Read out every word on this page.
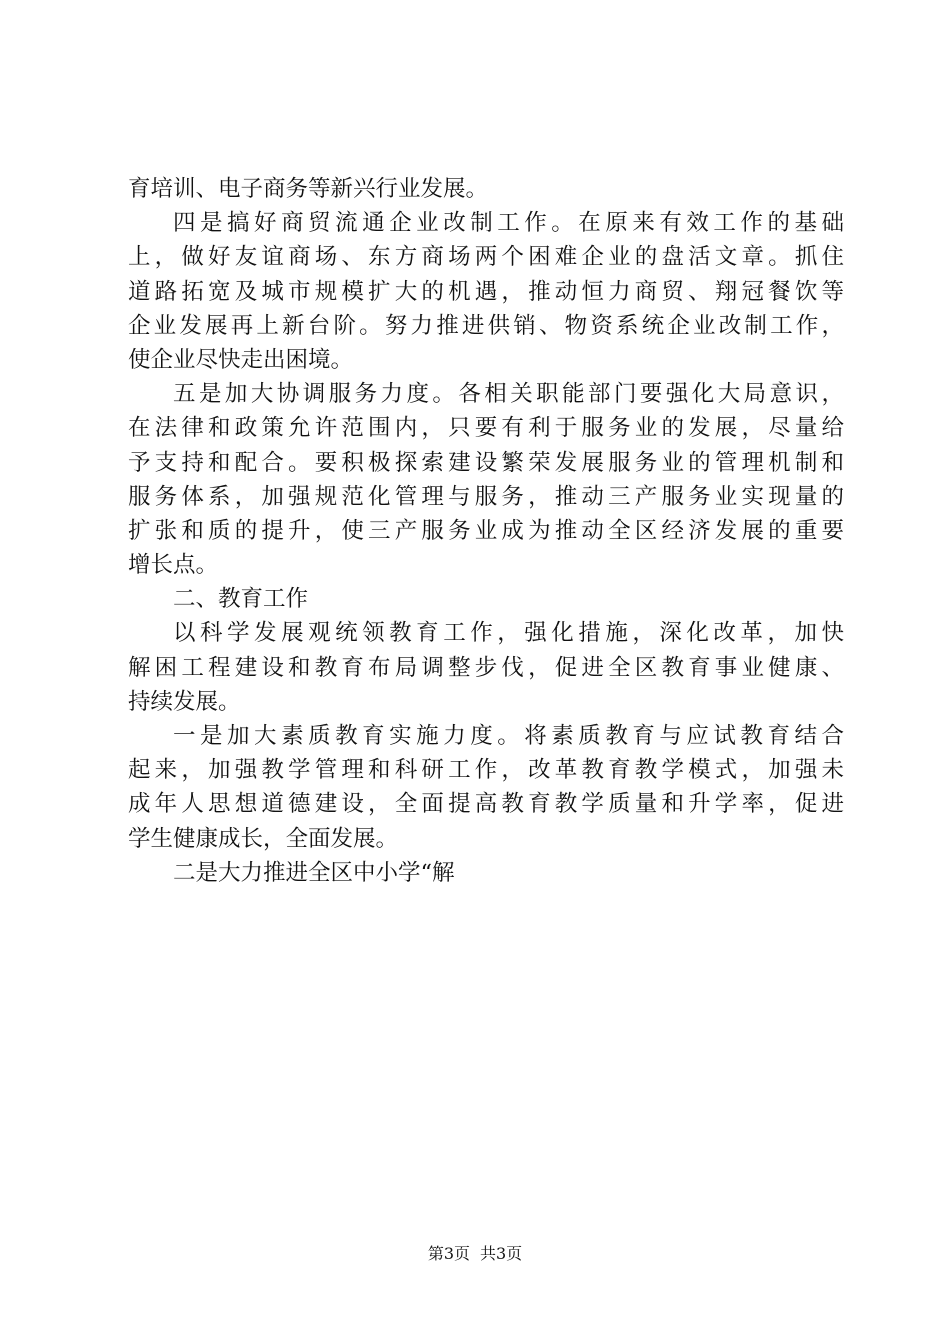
育培训、电子商务等新兴行业发展。
四是搞好商贸流通企业改制工作。在原来有效工作的基础
上，做好友谊商场、东方商场两个困难企业的盘活文章。抓住
道路拓宽及城市规模扩大的机遇，推动恒力商贸、翔冠餐饮等
企业发展再上新台阶。努力推进供销、物资系统企业改制工作，
使企业尽快走出困境。
五是加大协调服务力度。各相关职能部门要强化大局意识，
在法律和政策允许范围内，只要有利于服务业的发展，尽量给
予支持和配合。要积极探索建设繁荣发展服务业的管理机制和
服务体系，加强规范化管理与服务，推动三产服务业实现量的
扩张和质的提升，使三产服务业成为推动全区经济发展的重要
增长点。
二、教育工作
以科学发展观统领教育工作，强化措施，深化改革，加快
解困工程建设和教育布局调整步伐，促进全区教育事业健康、
持续发展。
一是加大素质教育实施力度。将素质教育与应试教育结合
起来，加强教学管理和科研工作，改革教育教学模式，加强未
成年人思想道德建设，全面提高教育教学质量和升学率，促进
学生健康成长，全面发展。
二是大力推进全区中小学“解
第3页 共3页
